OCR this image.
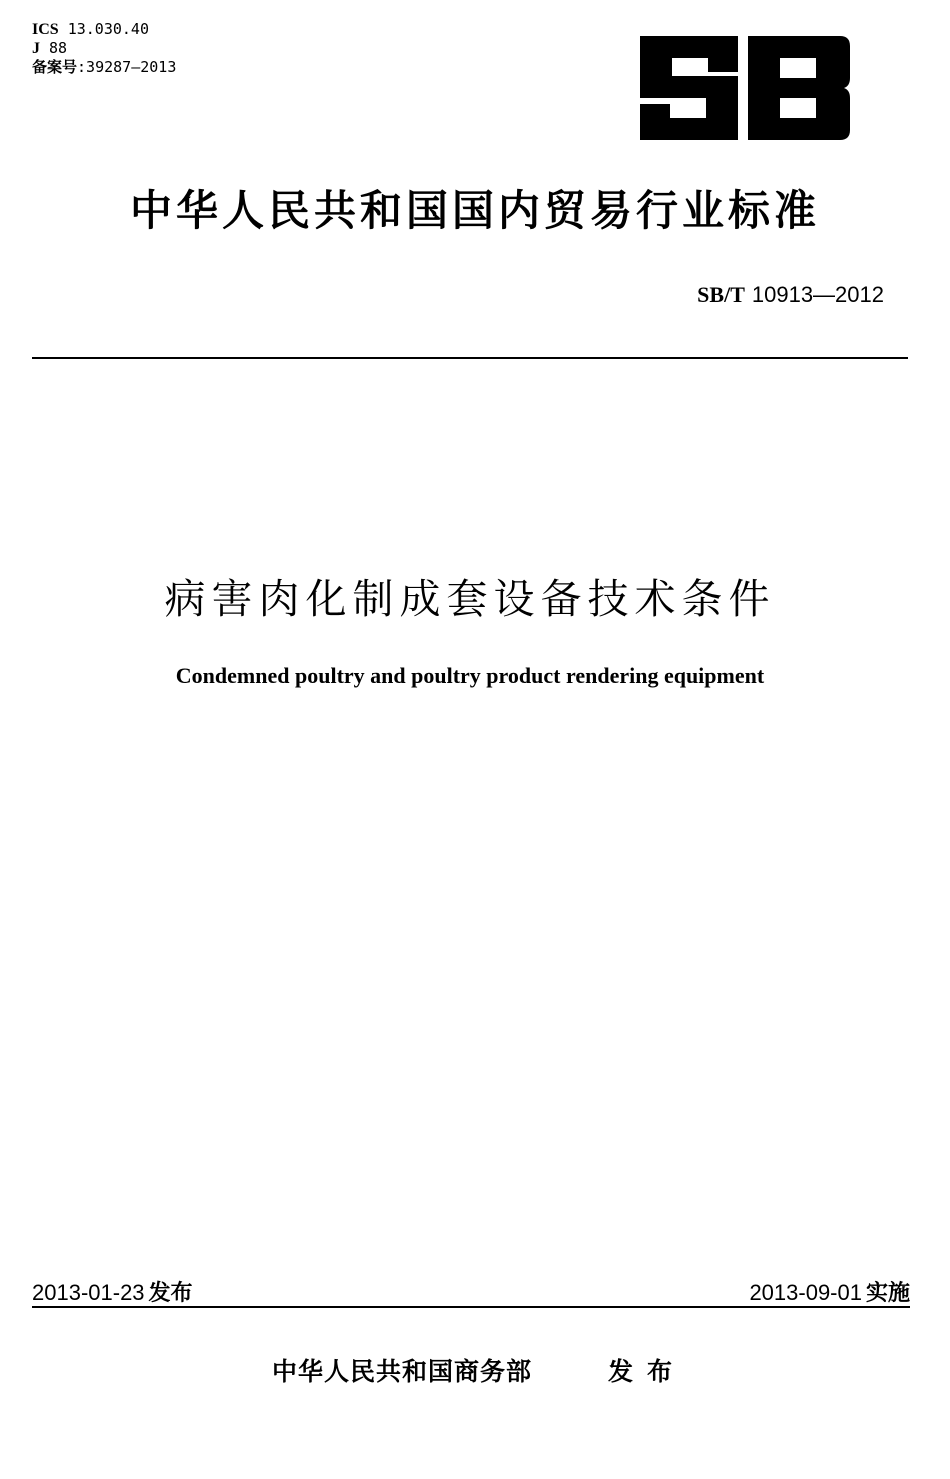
ICS 13.030.40
J 88
备案号:39287—2013
中华人民共和国国内贸易行业标准
SB/T 10913—2012
病害肉化制成套设备技术条件
Condemned poultry and poultry product rendering equipment
2013-01-23 发布	2013-09-01 实施
中华人民共和国商务部	发布
